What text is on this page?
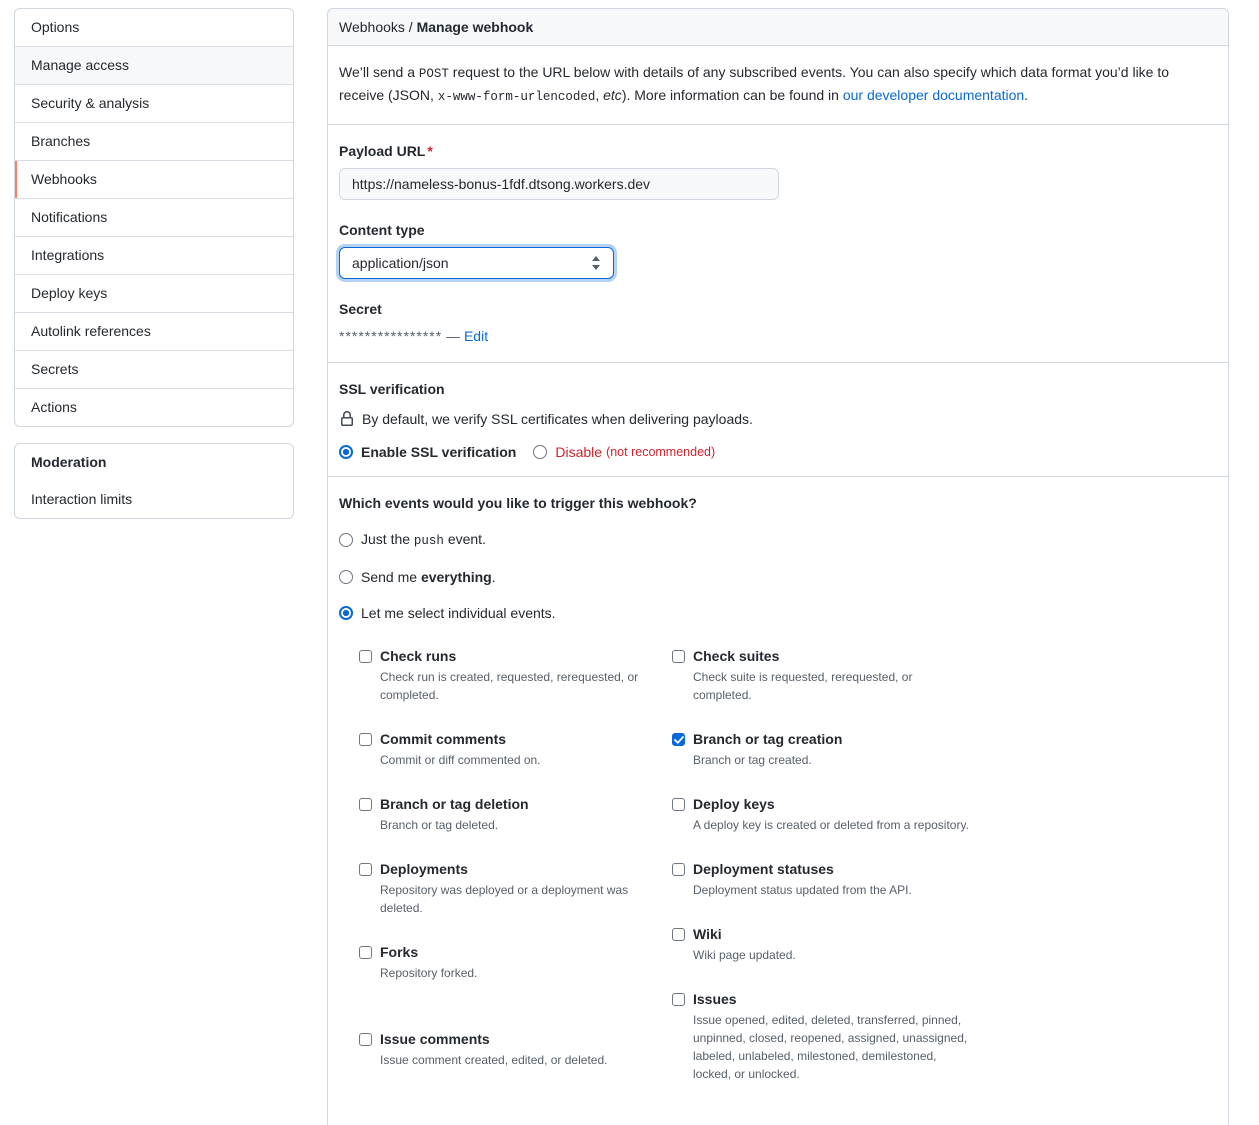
Options
Manage access
Security & analysis
Branches
Webhooks
Notifications
Integrations
Deploy keys
Autolink references
Secrets
Actions
Moderation
Interaction limits
Webhooks / Manage webhook

We’ll send a POST request to the URL below with details of any subscribed events. You can also specify which data format you’d like to receive (JSON, x-www-form-urlencoded, etc). More information can be found in our developer documentation.

Payload URL *
https://nameless-bonus-1fdf.dtsong.workers.dev
Content type
application/json
Secret
**************** — Edit
SSL verification
By default, we verify SSL certificates when delivering payloads.
Enable SSL verification	Disable (not recommended)
Which events would you like to trigger this webhook?
Just the push event.
Send me everything.
Let me select individual events.
Check runs
Check run is created, requested, rerequested, or completed.
Commit comments
Commit or diff commented on.
Branch or tag deletion
Branch or tag deleted.
Deployments
Repository was deployed or a deployment was deleted.
Forks
Repository forked.
Issue comments
Issue comment created, edited, or deleted.
Check suites
Check suite is requested, rerequested, or completed.
Branch or tag creation
Branch or tag created.
Deploy keys
A deploy key is created or deleted from a repository.
Deployment statuses
Deployment status updated from the API.
Wiki
Wiki page updated.
Issues
Issue opened, edited, deleted, transferred, pinned, unpinned, closed, reopened, assigned, unassigned, labeled, unlabeled, milestoned, demilestoned, locked, or unlocked.
